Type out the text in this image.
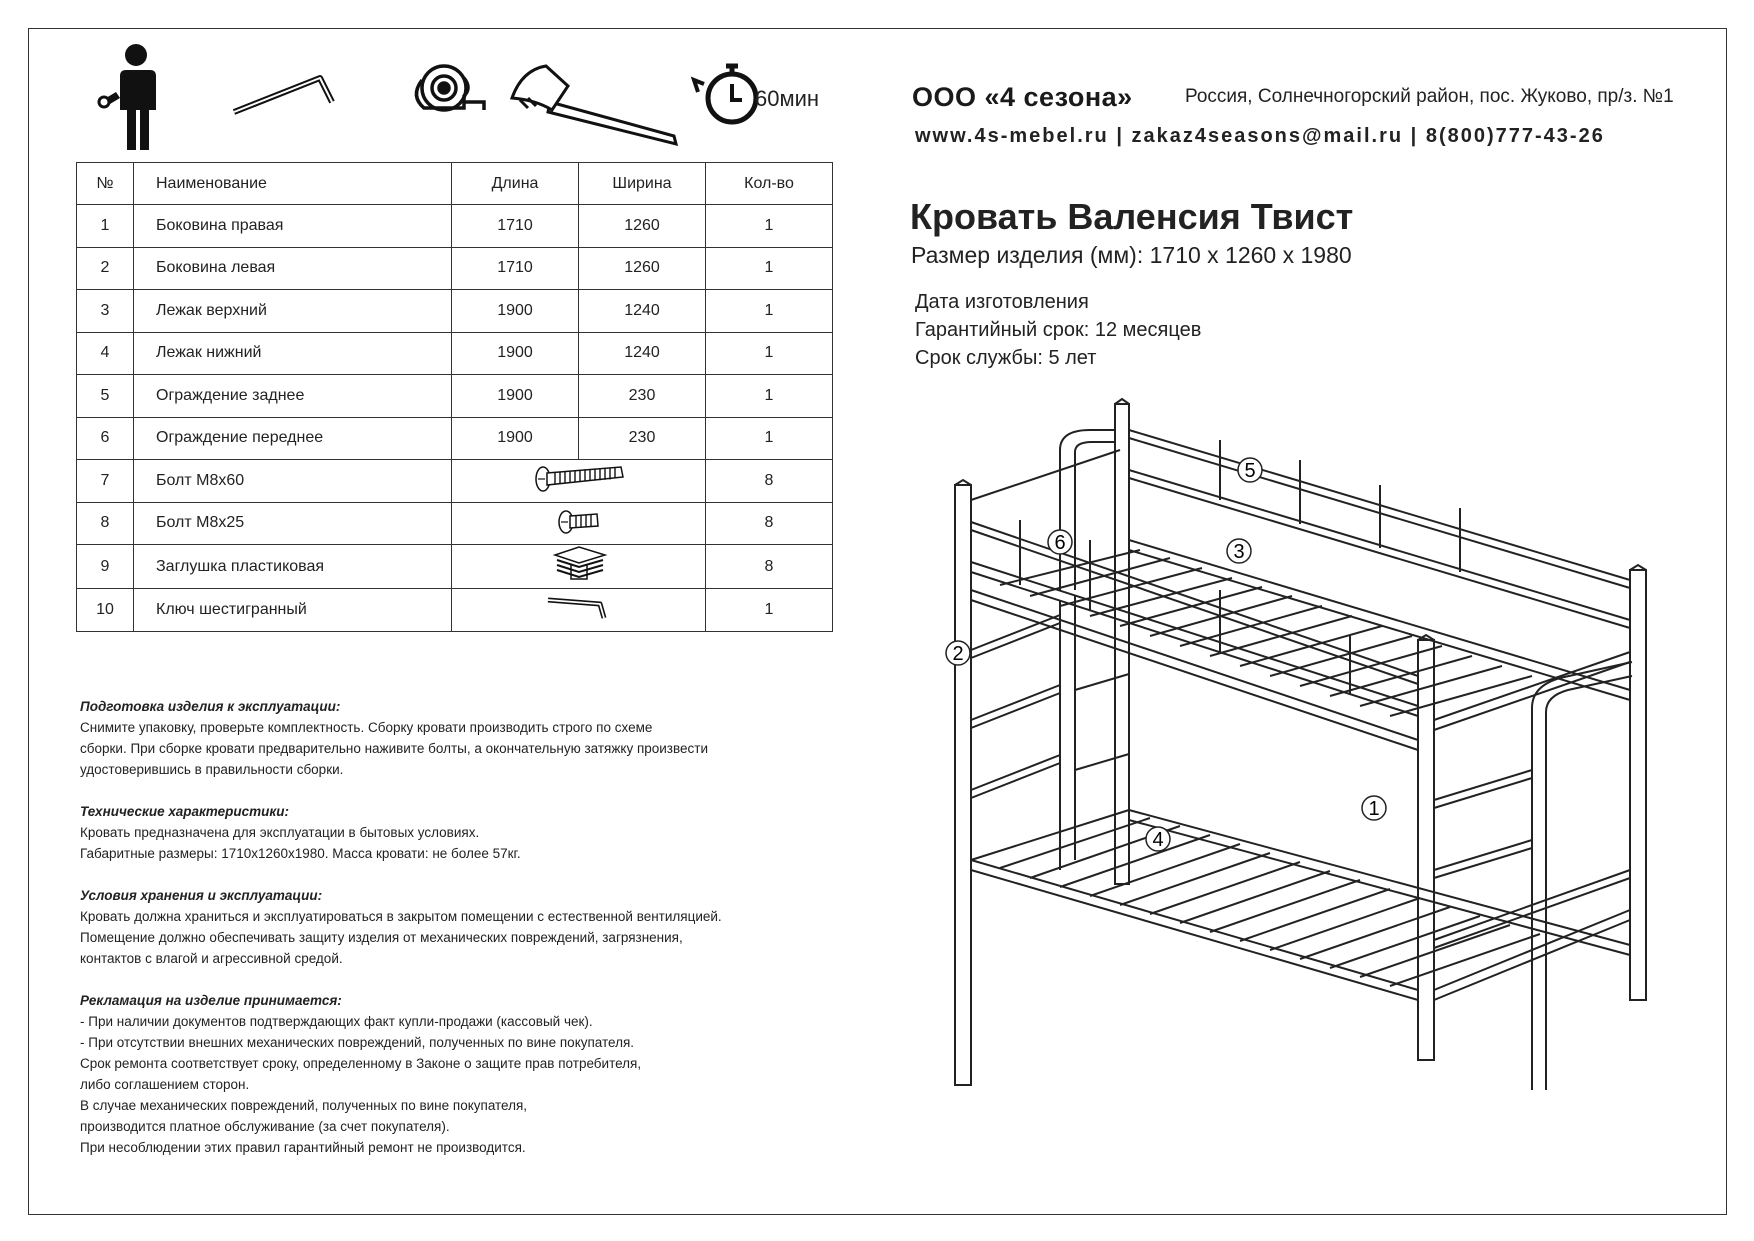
60мин	ООО «4 сезона»	Россия, Солнечногорский район, пос. Жуково, пр/з. №1
www.4s-mebel.ru | zakaz4seasons@mail.ru | 8(800)777-43-26
Кровать Валенсия Твист
Размер изделия (мм): 1710 х 1260 х 1980
Дата изготовления
Гарантийный срок: 12 месяцев
Срок службы: 5 лет
№	Наименование	Длина	Ширина	Кол-во
1	Боковина правая	1710	1260	1
2	Боковина левая	1710	1260	1
3	Лежак верхний	1900	1240	1
4	Лежак нижний	1900	1240	1
5	Ограждение заднее	1900	230	1
6	Ограждение переднее	1900	230	1
7	Болт М8х60			8
8	Болт М8х25			8
9	Заглушка пластиковая			8
10	Ключ шестигранный			1

Подготовка изделия к эксплуатации:
Снимите упаковку, проверьте комплектность. Сборку кровати производить строго по схеме
сборки. При сборке кровати предварительно наживите болты, а окончательную затяжку произвести
удостоверившись в правильности сборки.

Технические характеристики:
Кровать предназначена для эксплуатации в бытовых условиях.
Габаритные размеры: 1710х1260х1980. Масса кровати: не более 57кг.

Условия хранения и эксплуатации:
Кровать должна храниться и эксплуатироваться в закрытом помещении с естественной вентиляцией.
Помещение должно обеспечивать защиту изделия от механических повреждений, загрязнения,
контактов с влагой и агрессивной средой.

Рекламация на изделие принимается:
- При наличии документов подтверждающих факт купли-продажи (кассовый чек).
- При отсутствии внешних механических повреждений, полученных по вине покупателя.
Срок ремонта соответствует сроку, определенному в Законе о защите прав потребителя,
либо соглашением сторон.
В случае механических повреждений, полученных по вине покупателя,
производится платное обслуживание (за счет покупателя).
При несоблюдении этих правил гарантийный ремонт не производится.

1
2
3
4
5
6
